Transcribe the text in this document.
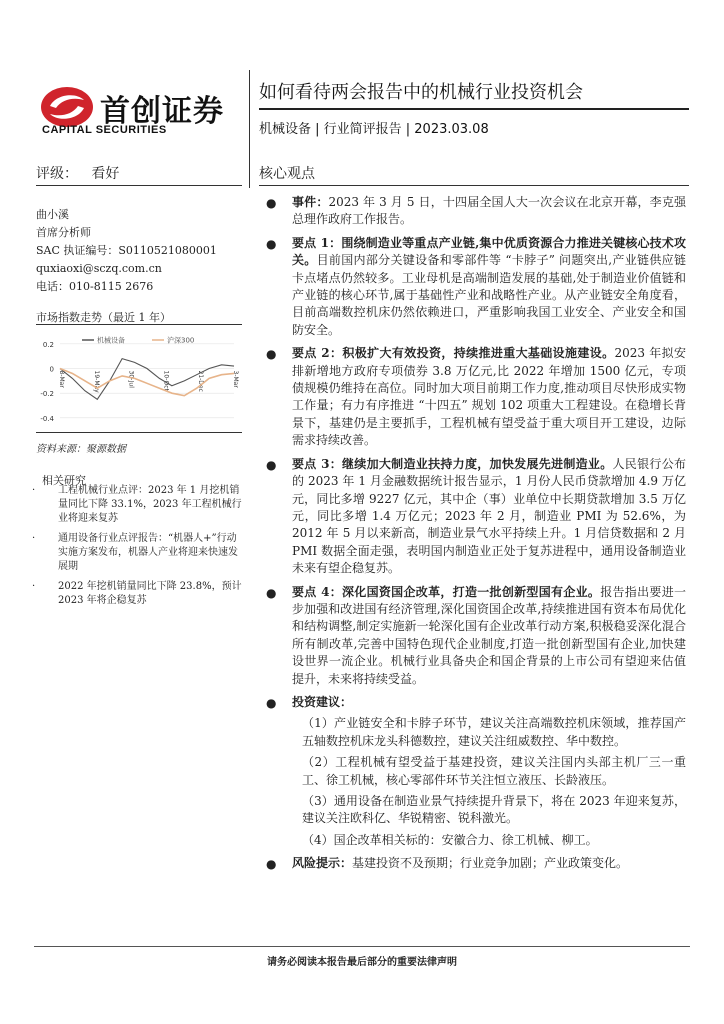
首创证券
CAPITAL SECURITIES
如何看待两会报告中的机械行业投资机会
机械设备 | 行业简评报告 | 2023.03.08
评级： 看好	核心观点
曲小溪
首席分析师
SAC 执证编号：S0110521080001
quxiaoxi@sczq.com.cn
电话：010-8115 2676
市场指数走势（最近 1 年）
0.2
0
-0.2
-0.4
8-Mar	19-May	30-Jul	10-Oct	21-Dec	3-Mar
机械设备	沪深300
资料来源：聚源数据
相关研究
· 工程机械行业点评：2023 年 1 月挖机销量同比下降 33.1%，2023 年工程机械行业将迎来复苏
· 通用设备行业点评报告：“机器人+”行动实施方案发布，机器人产业将迎来快速发展期
· 2022 年挖机销量同比下降 23.8%，预计 2023 年将企稳复苏
● 事件：2023 年 3 月 5 日，十四届全国人大一次会议在北京开幕，李克强总理作政府工作报告。
● 要点 1：围绕制造业等重点产业链,集中优质资源合力推进关键核心技术攻关。目前国内部分关键设备和零部件等 “卡脖子” 问题突出,产业链供应链卡点堵点仍然较多。工业母机是高端制造发展的基础,处于制造业价值链和产业链的核心环节,属于基础性产业和战略性产业。从产业链安全角度看，目前高端数控机床仍然依赖进口，严重影响我国工业安全、产业安全和国防安全。
● 要点 2：积极扩大有效投资，持续推进重大基础设施建设。2023 年拟安排新增地方政府专项债券 3.8 万亿元,比 2022 年增加 1500 亿元，专项债规模仍维持在高位。同时加大项目前期工作力度,推动项目尽快形成实物工作量；有力有序推进 “十四五” 规划 102 项重大工程建设。在稳增长背景下，基建仍是主要抓手，工程机械有望受益于重大项目开工建设，边际需求持续改善。
● 要点 3：继续加大制造业扶持力度，加快发展先进制造业。人民银行公布的 2023 年 1 月金融数据统计报告显示，1 月份人民币贷款增加 4.9 万亿元，同比多增 9227 亿元，其中企（事）业单位中长期贷款增加 3.5 万亿元，同比多增 1.4 万亿元；2023 年 2 月，制造业 PMI 为 52.6%，为 2012 年 5 月以来新高，制造业景气水平持续上升。1 月信贷数据和 2 月 PMI 数据全面走强，表明国内制造业正处于复苏进程中，通用设备制造业未来有望企稳复苏。
● 要点 4：深化国资国企改革，打造一批创新型国有企业。报告指出要进一步加强和改进国有经济管理,深化国资国企改革,持续推进国有资本布局优化和结构调整,制定实施新一轮深化国有企业改革行动方案,积极稳妥深化混合所有制改革,完善中国特色现代企业制度,打造一批创新型国有企业,加快建设世界一流企业。机械行业具备央企和国企背景的上市公司有望迎来估值提升，未来将持续受益。
● 投资建议：
（1）产业链安全和卡脖子环节，建议关注高端数控机床领域，推荐国产五轴数控机床龙头科德数控，建议关注纽威数控、华中数控。
（2）工程机械有望受益于基建投资，建议关注国内头部主机厂三一重工、徐工机械，核心零部件环节关注恒立液压、长龄液压。
（3）通用设备在制造业景气持续提升背景下，将在 2023 年迎来复苏，建议关注欧科亿、华锐精密、锐科激光。
（4）国企改革相关标的：安徽合力、徐工机械、柳工。
● 风险提示：基建投资不及预期；行业竞争加剧；产业政策变化。
请务必阅读本报告最后部分的重要法律声明
